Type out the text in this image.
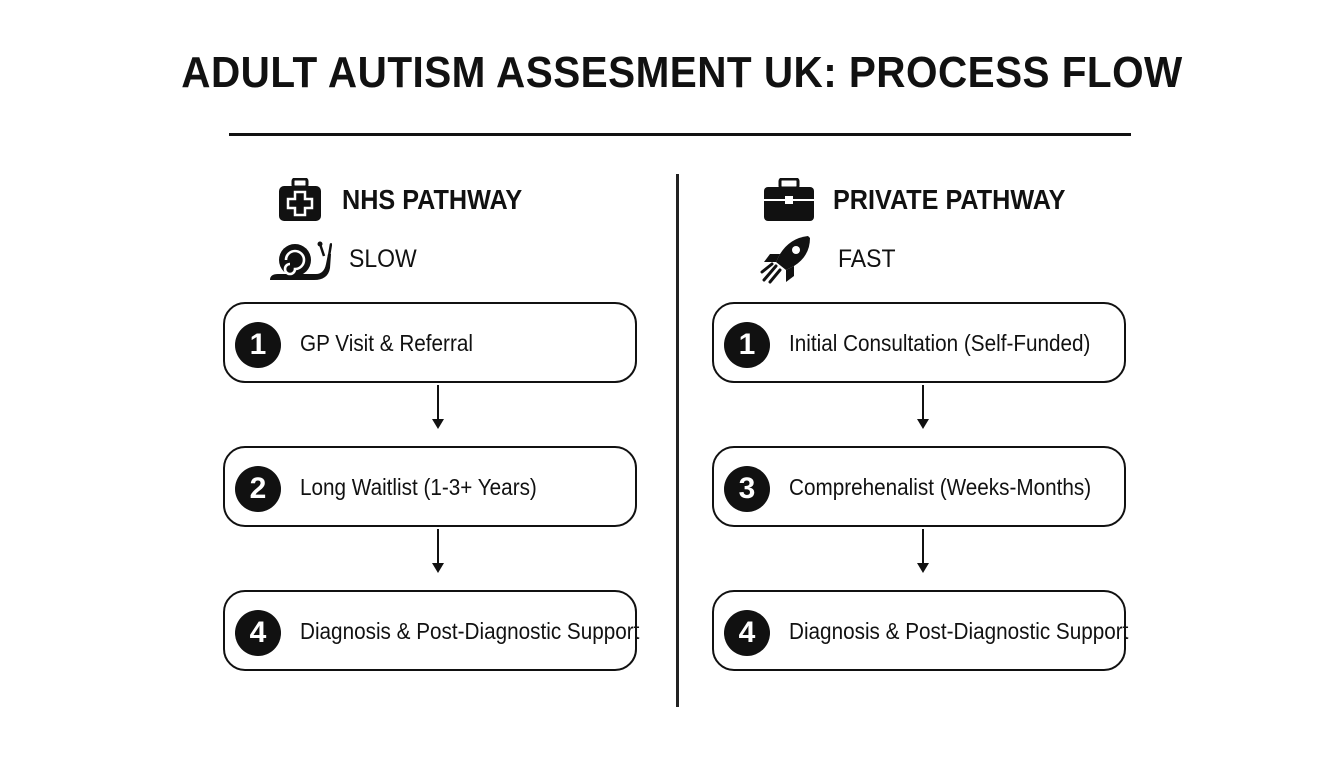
ADULT AUTISM ASSESMENT UK: PROCESS FLOW
NHS PATHWAY
SLOW
1	GP Visit & Referral
2	Long Waitlist (1-3+ Years)
4	Diagnosis & Post-Diagnostic Support
PRIVATE PATHWAY
FAST
1	Initial Consultation (Self-Funded)
3	Comprehenalist (Weeks-Months)
4	Diagnosis & Post-Diagnostic Support
